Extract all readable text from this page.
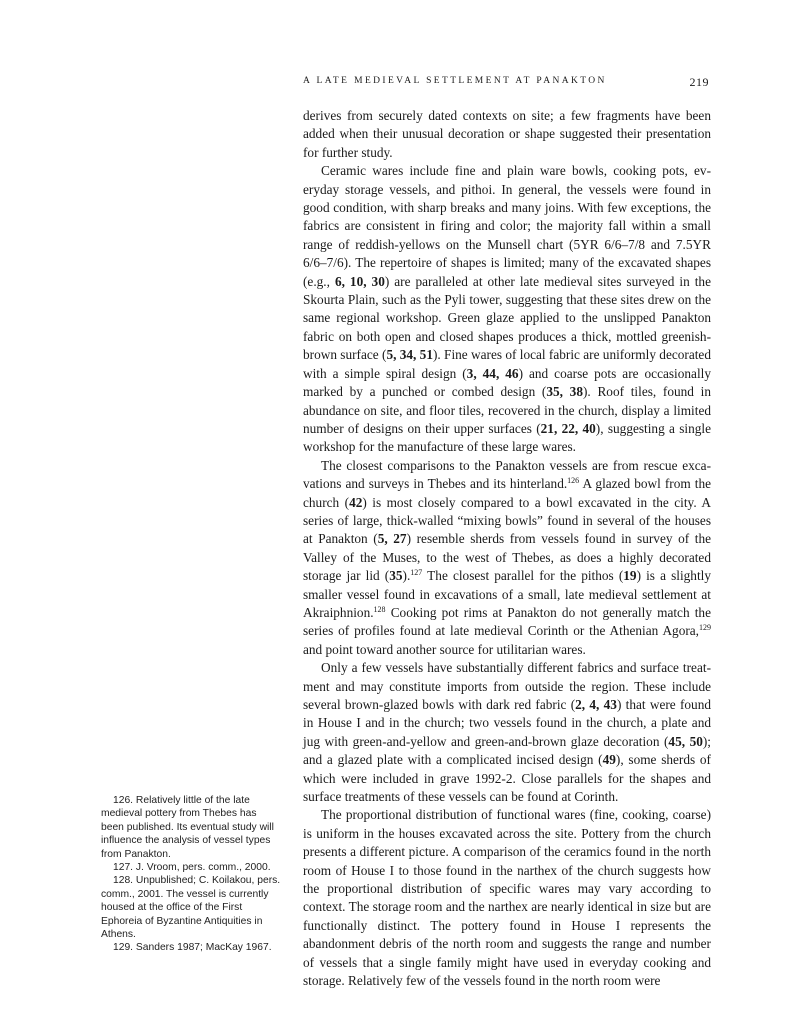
A LATE MEDIEVAL SETTLEMENT AT PANAKTON	219

derives from securely dated contexts on site; a few fragments have been added when their unusual decoration or shape suggested their presentation for further study.

Ceramic wares include fine and plain ware bowls, cooking pots, everyday storage vessels, and pithoi. In general, the vessels were found in good condition, with sharp breaks and many joins. With few exceptions, the fabrics are consistent in firing and color; the majority fall within a small range of reddish-yellows on the Munsell chart (5YR 6/6–7/8 and 7.5YR 6/6–7/6). The repertoire of shapes is limited; many of the excavated shapes (e.g., 6, 10, 30) are paralleled at other late medieval sites surveyed in the Skourta Plain, such as the Pyli tower, suggesting that these sites drew on the same regional workshop. Green glaze applied to the unslipped Panakton fabric on both open and closed shapes produces a thick, mottled greenish-brown surface (5, 34, 51). Fine wares of local fabric are uniformly decorated with a simple spiral design (3, 44, 46) and coarse pots are occasionally marked by a punched or combed design (35, 38). Roof tiles, found in abundance on site, and floor tiles, recovered in the church, display a limited number of designs on their upper surfaces (21, 22, 40), suggesting a single workshop for the manufacture of these large wares.

The closest comparisons to the Panakton vessels are from rescue excavations and surveys in Thebes and its hinterland.$^{126}$ A glazed bowl from the church (42) is most closely compared to a bowl excavated in the city. A series of large, thick-walled “mixing bowls” found in several of the houses at Panakton (5, 27) resemble sherds from vessels found in survey of the Valley of the Muses, to the west of Thebes, as does a highly decorated storage jar lid (35).$^{127}$ The closest parallel for the pithos (19) is a slightly smaller vessel found in excavations of a small, late medieval settlement at Akraiphnion.$^{128}$ Cooking pot rims at Panakton do not generally match the series of profiles found at late medieval Corinth or the Athenian Agora,$^{129}$ and point toward another source for utilitarian wares.

Only a few vessels have substantially different fabrics and surface treatment and may constitute imports from outside the region. These include several brown-glazed bowls with dark red fabric (2, 4, 43) that were found in House I and in the church; two vessels found in the church, a plate and jug with green-and-yellow and green-and-brown glaze decoration (45, 50); and a glazed plate with a complicated incised design (49), some sherds of which were included in grave 1992-2. Close parallels for the shapes and surface treatments of these vessels can be found at Corinth.

The proportional distribution of functional wares (fine, cooking, coarse) is uniform in the houses excavated across the site. Pottery from the church presents a different picture. A comparison of the ceramics found in the north room of House I to those found in the narthex of the church suggests how the proportional distribution of specific wares may vary according to context. The storage room and the narthex are nearly identical in size but are functionally distinct. The pottery found in House I represents the abandonment debris of the north room and suggests the range and number of vessels that a single family might have used in everyday cooking and storage. Relatively few of the vessels found in the north room were

126. Relatively little of the late medieval pottery from Thebes has been published. Its eventual study will influence the analysis of vessel types from Panakton.

127. J. Vroom, pers. comm., 2000.

128. Unpublished; C. Koilakou, pers. comm., 2001. The vessel is currently housed at the office of the First Ephoreia of Byzantine Antiquities in Athens.

129. Sanders 1987; MacKay 1967.
